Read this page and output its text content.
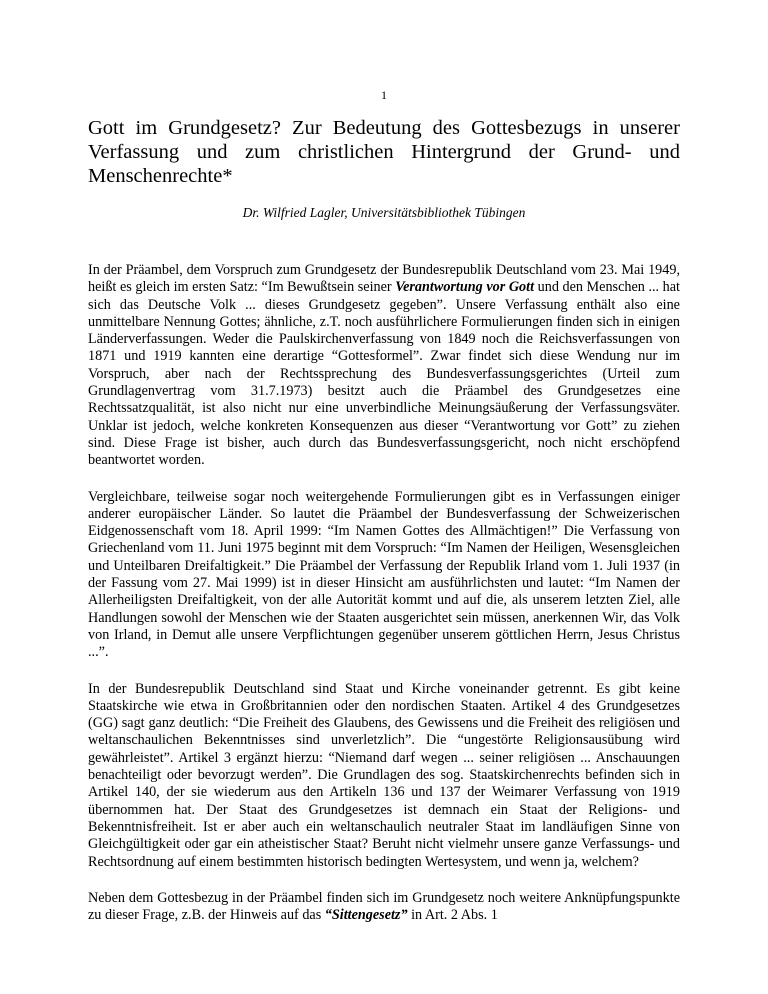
1
Gott im Grundgesetz? Zur Bedeutung des Gottesbezugs in unserer Verfassung und zum christlichen Hintergrund der Grund- und Menschenrechte*
Dr. Wilfried Lagler, Universitätsbibliothek Tübingen

In der Präambel, dem Vorspruch zum Grundgesetz der Bundesrepublik Deutschland vom 23. Mai 1949, heißt es gleich im ersten Satz: “Im Bewußtsein seiner Verantwortung vor Gott und den Menschen ... hat sich das Deutsche Volk ... dieses Grundgesetz gegeben”. Unsere Verfassung enthält also eine unmittelbare Nennung Gottes; ähnliche, z.T. noch ausführlichere Formulierungen finden sich in einigen Länderverfassungen. Weder die Paulskirchenverfassung von 1849 noch die Reichsverfassungen von 1871 und 1919 kannten eine derartige “Gottesformel”. Zwar findet sich diese Wendung nur im Vorspruch, aber nach der Rechtssprechung des Bundesverfassungsgerichtes (Urteil zum Grundlagenvertrag vom 31.7.1973) besitzt auch die Präambel des Grundgesetzes eine Rechtssatzqualität, ist also nicht nur eine unverbindliche Meinungsäußerung der Verfassungsväter. Unklar ist jedoch, welche konkreten Konsequenzen aus dieser “Verantwortung vor Gott” zu ziehen sind. Diese Frage ist bisher, auch durch das Bundesverfassungsgericht, noch nicht erschöpfend beantwortet worden.

Vergleichbare, teilweise sogar noch weitergehende Formulierungen gibt es in Verfassungen einiger anderer europäischer Länder. So lautet die Präambel der Bundesverfassung der Schweizerischen Eidgenossenschaft vom 18. April 1999: “Im Namen Gottes des Allmächtigen!” Die Verfassung von Griechenland vom 11. Juni 1975 beginnt mit dem Vorspruch: “Im Namen der Heiligen, Wesensgleichen und Unteilbaren Dreifaltigkeit.” Die Präambel der Verfassung der Republik Irland vom 1. Juli 1937 (in der Fassung vom 27. Mai 1999) ist in dieser Hinsicht am ausführlichsten und lautet: “Im Namen der Allerheiligsten Dreifaltigkeit, von der alle Autorität kommt und auf die, als unserem letzten Ziel, alle Handlungen sowohl der Menschen wie der Staaten ausgerichtet sein müssen, anerkennen Wir, das Volk von Irland, in Demut alle unsere Verpflichtungen gegenüber unserem göttlichen Herrn, Jesus Christus ...”.

In der Bundesrepublik Deutschland sind Staat und Kirche voneinander getrennt. Es gibt keine Staatskirche wie etwa in Großbritannien oder den nordischen Staaten. Artikel 4 des Grundgesetzes (GG) sagt ganz deutlich: “Die Freiheit des Glaubens, des Gewissens und die Freiheit des religiösen und weltanschaulichen Bekenntnisses sind unverletzlich”. Die “ungestörte Religionsausübung wird gewährleistet”. Artikel 3 ergänzt hierzu: “Niemand darf wegen ... seiner religiösen ... Anschauungen benachteiligt oder bevorzugt werden”. Die Grundlagen des sog. Staatskirchenrechts befinden sich in Artikel 140, der sie wiederum aus den Artikeln 136 und 137 der Weimarer Verfassung von 1919 übernommen hat. Der Staat des Grundgesetzes ist demnach ein Staat der Religions- und Bekenntnisfreiheit. Ist er aber auch ein weltanschaulich neutraler Staat im landläufigen Sinne von Gleichgültigkeit oder gar ein atheistischer Staat? Beruht nicht vielmehr unsere ganze Verfassungs- und Rechtsordnung auf einem bestimmten historisch bedingten Wertesystem, und wenn ja, welchem?

Neben dem Gottesbezug in der Präambel finden sich im Grundgesetz noch weitere Anknüpfungspunkte zu dieser Frage, z.B. der Hinweis auf das “Sittengesetz” in Art. 2 Abs. 1
